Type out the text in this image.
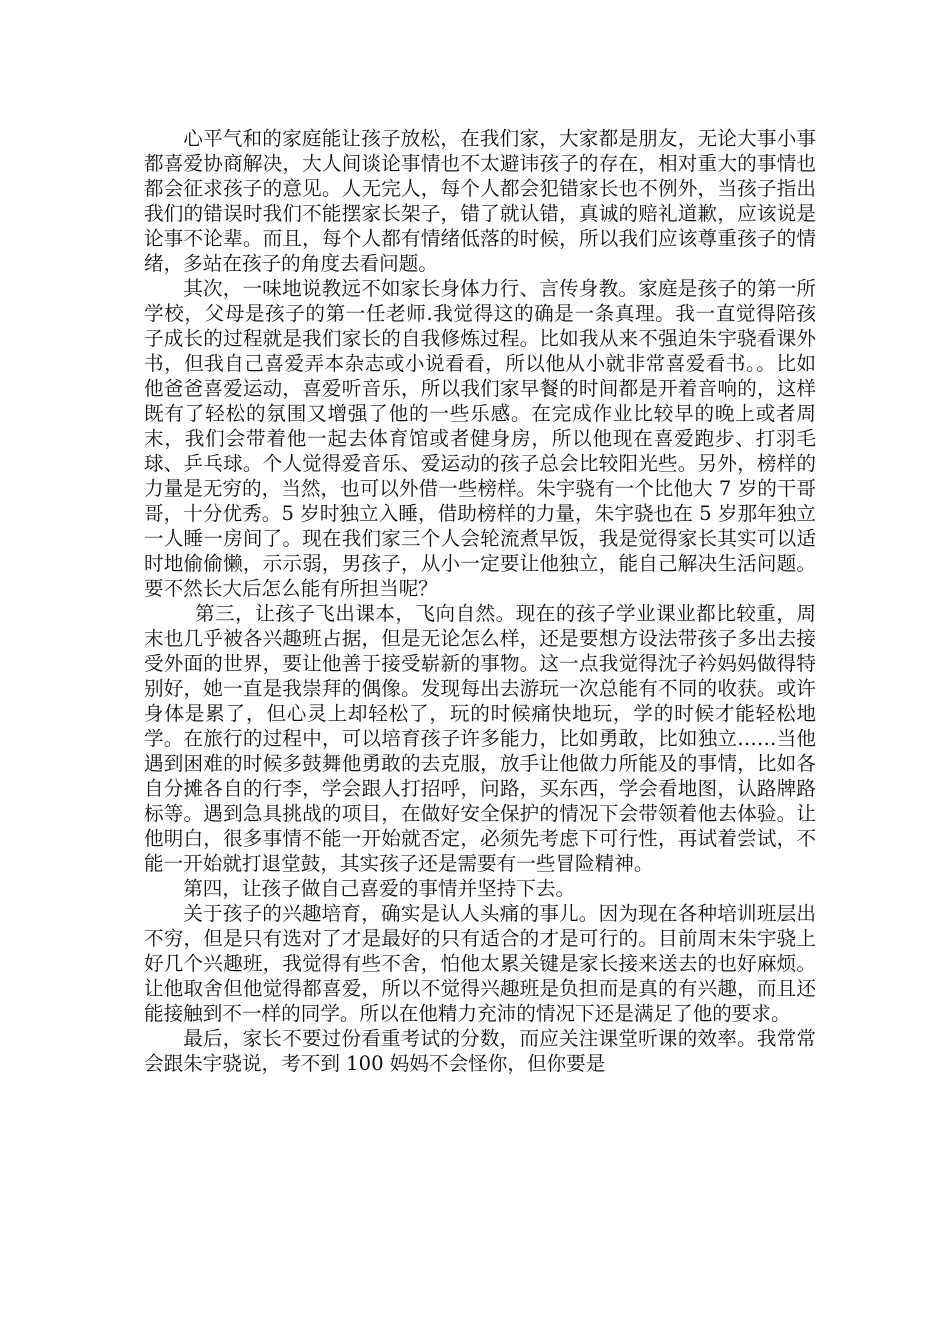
心平气和的家庭能让孩子放松，在我们家，大家都是朋友，无论大事小事都喜爱协商解决，大人间谈论事情也不太避讳孩子的存在，相对重大的事情也都会征求孩子的意见。人无完人，每个人都会犯错家长也不例外，当孩子指出我们的错误时我们不能摆家长架子，错了就认错，真诚的赔礼道歉，应该说是论事不论辈。而且，每个人都有情绪低落的时候，所以我们应该尊重孩子的情绪，多站在孩子的角度去看问题。

其次，一味地说教远不如家长身体力行、言传身教。家庭是孩子的第一所学校，父母是孩子的第一任老师.我觉得这的确是一条真理。我一直觉得陪孩子成长的过程就是我们家长的自我修炼过程。比如我从来不强迫朱宇骁看课外书，但我自己喜爱弄本杂志或小说看看，所以他从小就非常喜爱看书。。比如他爸爸喜爱运动，喜爱听音乐，所以我们家早餐的时间都是开着音响的，这样既有了轻松的氛围又增强了他的一些乐感。在完成作业比较早的晚上或者周末，我们会带着他一起去体育馆或者健身房，所以他现在喜爱跑步、打羽毛球、乒乓球。个人觉得爱音乐、爱运动的孩子总会比较阳光些。另外，榜样的力量是无穷的，当然，也可以外借一些榜样。朱宇骁有一个比他大 7 岁的干哥哥，十分优秀。5 岁时独立入睡，借助榜样的力量，朱宇骁也在 5 岁那年独立一人睡一房间了。现在我们家三个人会轮流煮早饭，我是觉得家长其实可以适时地偷偷懒，示示弱，男孩子，从小一定要让他独立，能自己解决生活问题。要不然长大后怎么能有所担当呢？

第三，让孩子飞出课本，飞向自然。现在的孩子学业课业都比较重，周末也几乎被各兴趣班占据，但是无论怎么样，还是要想方设法带孩子多出去接受外面的世界，要让他善于接受崭新的事物。这一点我觉得沈子衿妈妈做得特别好，她一直是我崇拜的偶像。发现每出去游玩一次总能有不同的收获。或许身体是累了，但心灵上却轻松了，玩的时候痛快地玩，学的时候才能轻松地学。在旅行的过程中，可以培育孩子许多能力，比如勇敢，比如独立……当他遇到困难的时候多鼓舞他勇敢的去克服，放手让他做力所能及的事情，比如各自分摊各自的行李，学会跟人打招呼，问路，买东西，学会看地图，认路牌路标等。遇到急具挑战的项目，在做好安全保护的情况下会带领着他去体验。让他明白，很多事情不能一开始就否定，必须先考虑下可行性，再试着尝试，不能一开始就打退堂鼓，其实孩子还是需要有一些冒险精神。

第四，让孩子做自己喜爱的事情并坚持下去。

关于孩子的兴趣培育，确实是认人头痛的事儿。因为现在各种培训班层出不穷，但是只有选对了才是最好的只有适合的才是可行的。目前周末朱宇骁上好几个兴趣班，我觉得有些不舍，怕他太累关键是家长接来送去的也好麻烦。让他取舍但他觉得都喜爱，所以不觉得兴趣班是负担而是真的有兴趣，而且还能接触到不一样的同学。所以在他精力充沛的情况下还是满足了他的要求。

最后，家长不要过份看重考试的分数，而应关注课堂听课的效率。我常常会跟朱宇骁说，考不到 100 妈妈不会怪你，但你要是
